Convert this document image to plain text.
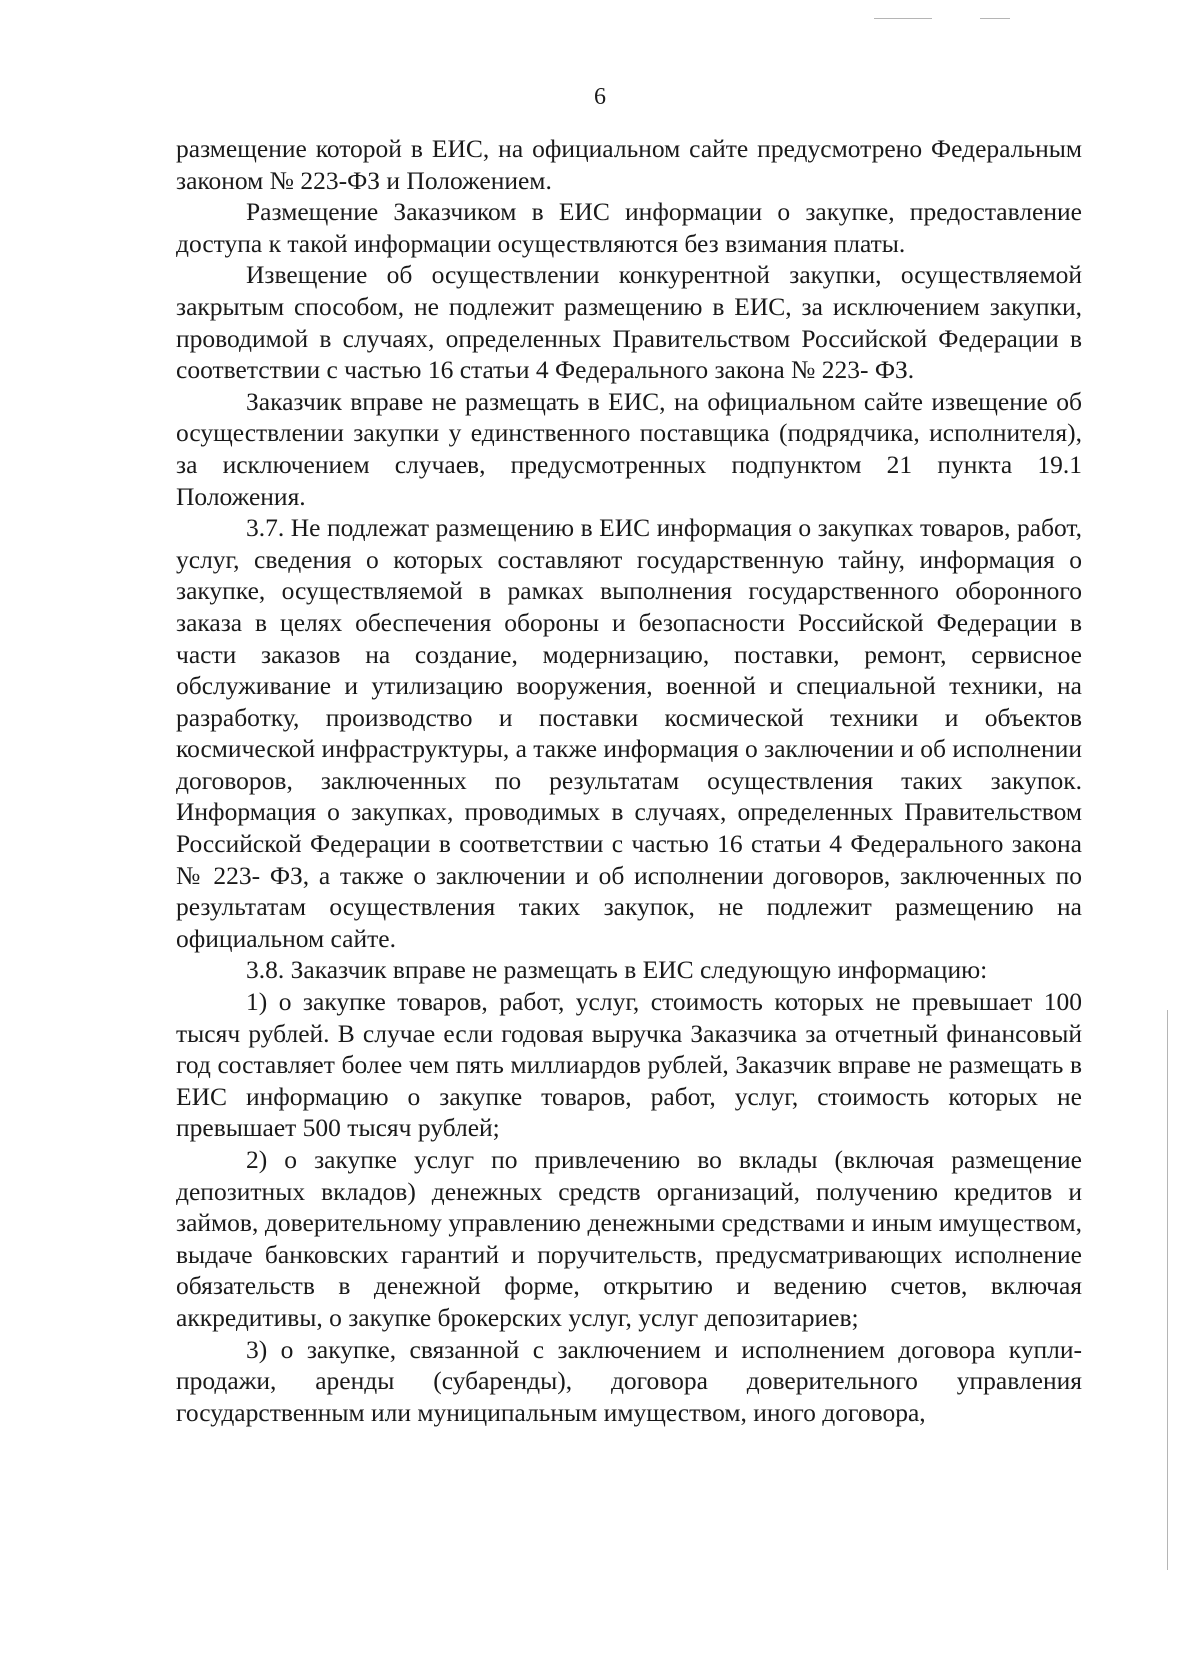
6

размещение которой в ЕИС, на официальном сайте предусмотрено Федеральным законом № 223-ФЗ и Положением.

Размещение Заказчиком в ЕИС информации о закупке, предоставление доступа к такой информации осуществляются без взимания платы.

Извещение об осуществлении конкурентной закупки, осуществляемой закрытым способом, не подлежит размещению в ЕИС, за исключением закупки, проводимой в случаях, определенных Правительством Российской Федерации в соответствии с частью 16 статьи 4 Федерального закона № 223- ФЗ.

Заказчик вправе не размещать в ЕИС, на официальном сайте извещение об осуществлении закупки у единственного поставщика (подрядчика, исполнителя), за исключением случаев, предусмотренных подпунктом 21 пункта 19.1 Положения.

3.7. Не подлежат размещению в ЕИС информация о закупках товаров, работ, услуг, сведения о которых составляют государственную тайну, информация о закупке, осуществляемой в рамках выполнения государственного оборонного заказа в целях обеспечения обороны и безопасности Российской Федерации в части заказов на создание, модернизацию, поставки, ремонт, сервисное обслуживание и утилизацию вооружения, военной и специальной техники, на разработку, производство и поставки космической техники и объектов космической инфраструктуры, а также информация о заключении и об исполнении договоров, заключенных по результатам осуществления таких закупок. Информация о закупках, проводимых в случаях, определенных Правительством Российской Федерации в соответствии с частью 16 статьи 4 Федерального закона № 223- ФЗ, а также о заключении и об исполнении договоров, заключенных по результатам осуществления таких закупок, не подлежит размещению на официальном сайте.

3.8. Заказчик вправе не размещать в ЕИС следующую информацию:

1) о закупке товаров, работ, услуг, стоимость которых не превышает 100 тысяч рублей. В случае если годовая выручка Заказчика за отчетный финансовый год составляет более чем пять миллиардов рублей, Заказчик вправе не размещать в ЕИС информацию о закупке товаров, работ, услуг, стоимость которых не превышает 500 тысяч рублей;

2) о закупке услуг по привлечению во вклады (включая размещение депозитных вкладов) денежных средств организаций, получению кредитов и займов, доверительному управлению денежными средствами и иным имуществом, выдаче банковских гарантий и поручительств, предусматривающих исполнение обязательств в денежной форме, открытию и ведению счетов, включая аккредитивы, о закупке брокерских услуг, услуг депозитариев;

3) о закупке, связанной с заключением и исполнением договора купли-продажи, аренды (субаренды), договора доверительного управления государственным или муниципальным имуществом, иного договора,
